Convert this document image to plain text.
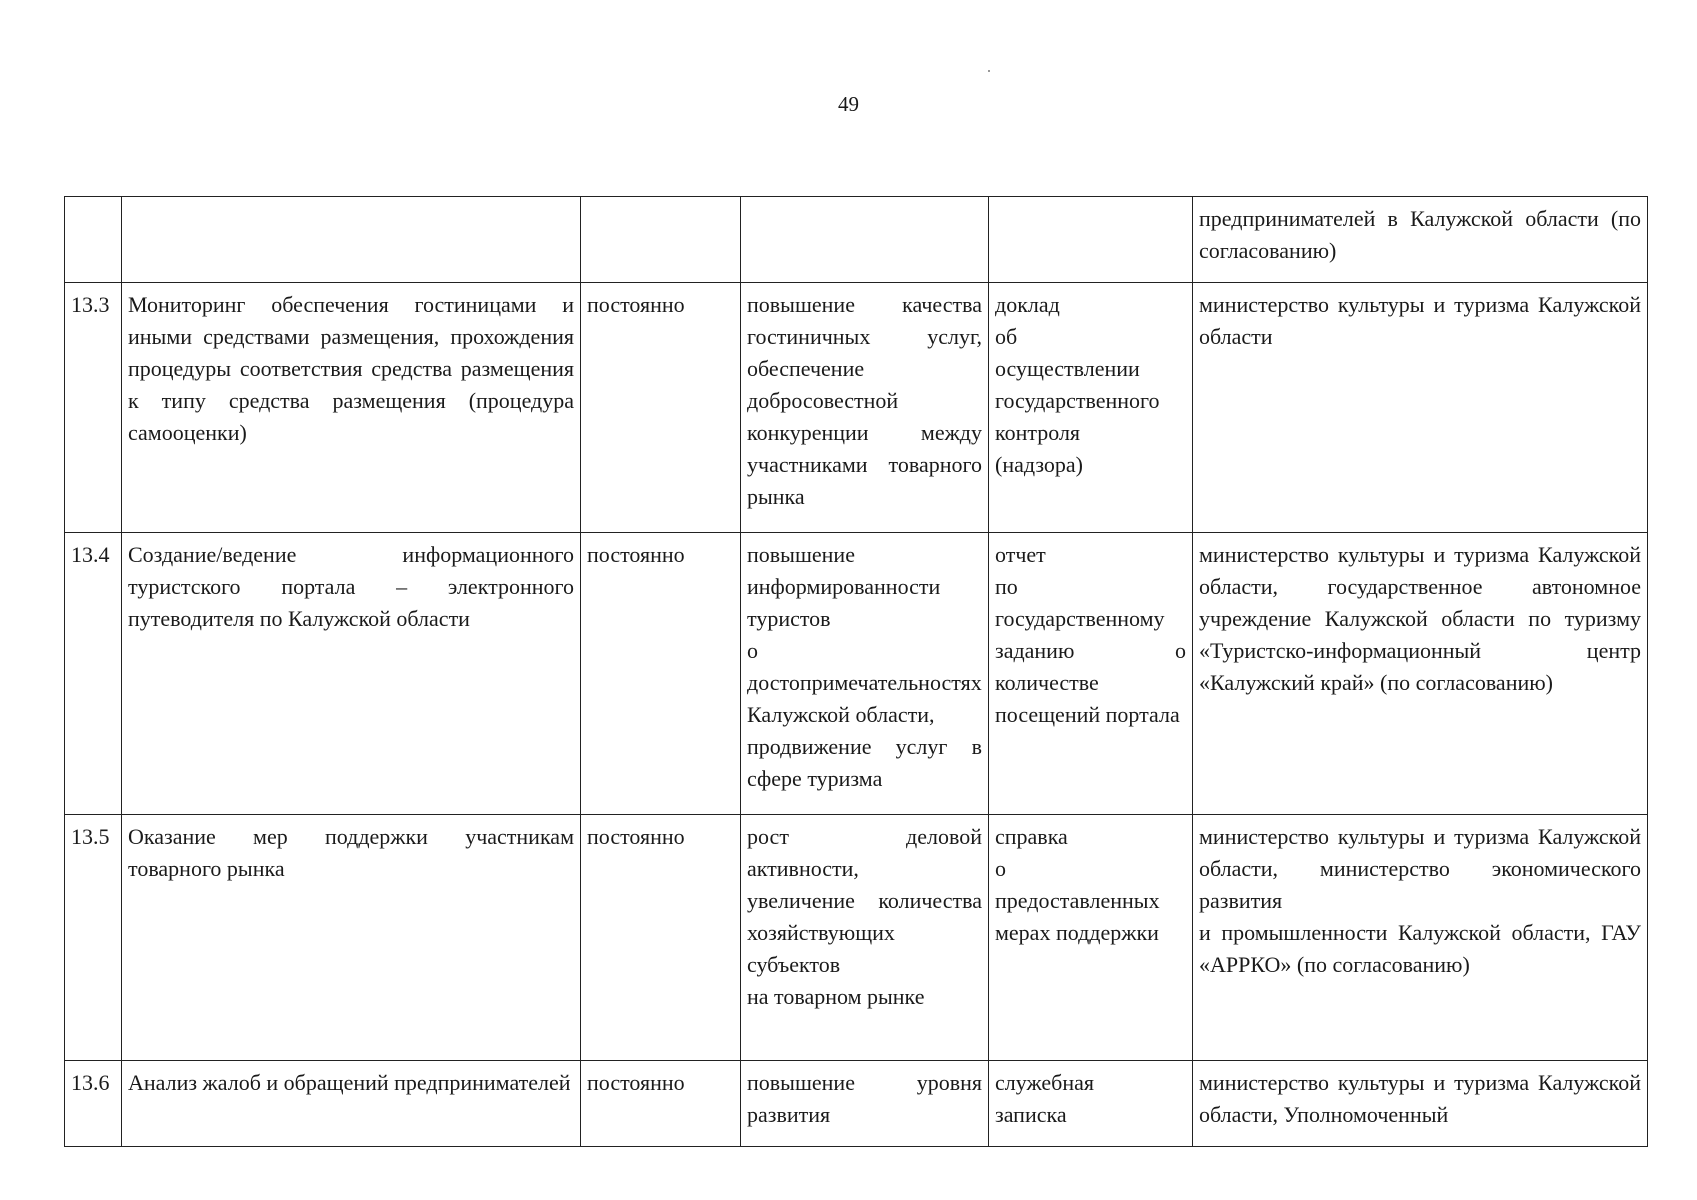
49

					предпринимателей в Калужской области (по согласованию)

13.3	Мониторинг обеспечения гостиницами и иными средствами размещения, прохождения процедуры соответствия средства размещения к типу средства размещения (процедура самооценки)	постоянно	повышение качества гостиничных услуг, обеспечение добросовестной конкуренции между участниками товарного рынка	доклад
об
осуществлении государственного контроля
(надзора)	министерство культуры и туризма Калужской области

13.4	Создание/ведение информационного туристского портала – электронного путеводителя по Калужской области	постоянно	повышение информированности туристов
о достопримечательностях Калужской области,
продвижение услуг в сфере туризма	отчет
по государственному заданию о количестве посещений портала	министерство культуры и туризма Калужской области, государственное автономное учреждение Калужской области по туризму «Туристско-информационный центр «Калужский край» (по согласованию)

13.5	Оказание мер поддержки участникам товарного рынка	постоянно	рост деловой активности,
увеличение количества хозяйствующих субъектов
на товарном рынке	справка
о
предоставленных мерах поддержки	министерство культуры и туризма Калужской области, министерство экономического развития
и промышленности Калужской области, ГАУ «АРРКО» (по согласованию)

13.6	Анализ жалоб и обращений предпринимателей	постоянно	повышение уровня развития	служебная
записка	министерство культуры и туризма Калужской области, Уполномоченный
